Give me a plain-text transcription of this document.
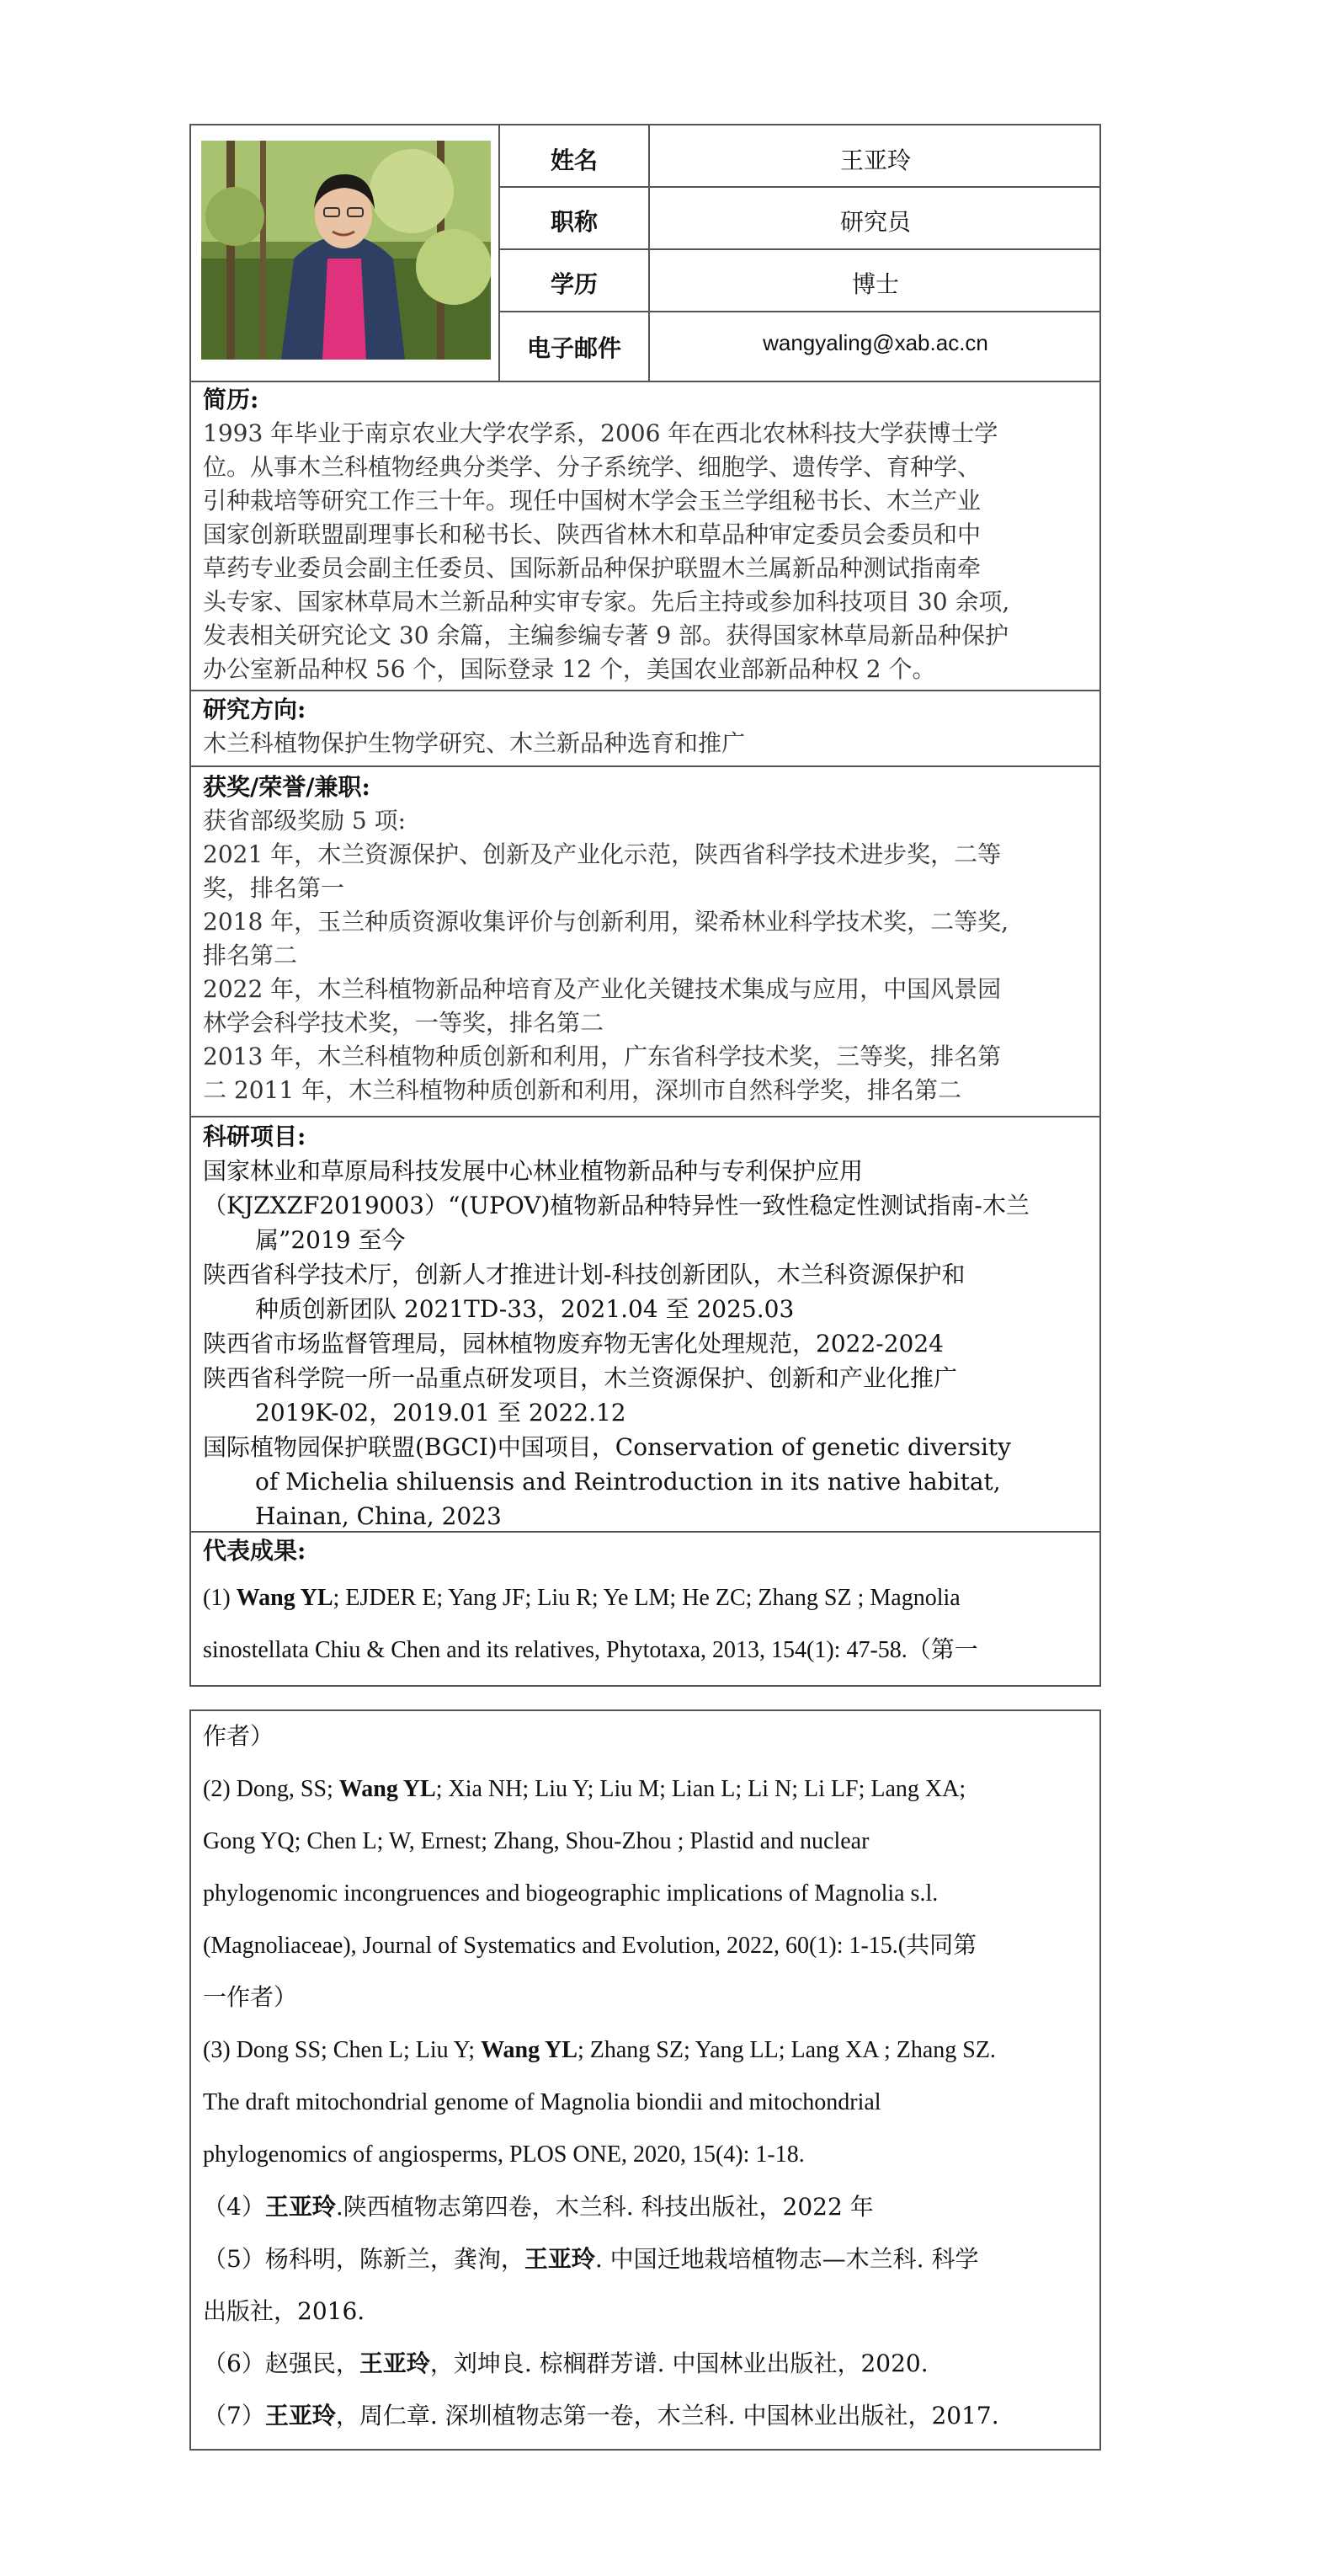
姓名	王亚玲
职称	研究员
学历	博士
电子邮件	wangyaling@xab.ac.cn
简历:
1993 年毕业于南京农业大学农学系，2006 年在西北农林科技大学获博士学
位。从事木兰科植物经典分类学、分子系统学、细胞学、遗传学、育种学、
引种栽培等研究工作三十年。现任中国树木学会玉兰学组秘书长、木兰产业
国家创新联盟副理事长和秘书长、陕西省林木和草品种审定委员会委员和中
草药专业委员会副主任委员、国际新品种保护联盟木兰属新品种测试指南牵
头专家、国家林草局木兰新品种实审专家。先后主持或参加科技项目 30 余项,
发表相关研究论文 30 余篇，主编参编专著 9 部。获得国家林草局新品种保护
办公室新品种权 56 个，国际登录 12 个，美国农业部新品种权 2 个。
研究方向:
木兰科植物保护生物学研究、木兰新品种选育和推广
获奖/荣誉/兼职:
获省部级奖励 5 项:
2021 年，木兰资源保护、创新及产业化示范，陕西省科学技术进步奖，二等
奖，排名第一
2018 年，玉兰种质资源收集评价与创新利用，梁希林业科学技术奖，二等奖,
排名第二
2022 年，木兰科植物新品种培育及产业化关键技术集成与应用，中国风景园
林学会科学技术奖，一等奖，排名第二
2013 年，木兰科植物种质创新和利用，广东省科学技术奖，三等奖，排名第
二 2011 年，木兰科植物种质创新和利用，深圳市自然科学奖，排名第二
科研项目:
国家林业和草原局科技发展中心林业植物新品种与专利保护应用
（KJZXZF2019003）“(UPOV)植物新品种特异性一致性稳定性测试指南-木兰
属”2019 至今
陕西省科学技术厅，创新人才推进计划-科技创新团队，木兰科资源保护和
种质创新团队 2021TD-33，2021.04 至 2025.03
陕西省市场监督管理局，园林植物废弃物无害化处理规范，2022-2024
陕西省科学院一所一品重点研发项目，木兰资源保护、创新和产业化推广
2019K-02，2019.01 至 2022.12
国际植物园保护联盟(BGCI)中国项目，Conservation of genetic diversity
of Michelia shiluensis and Reintroduction in its native habitat,
Hainan, China, 2023
代表成果:
(1) Wang YL; EJDER E; Yang JF; Liu R; Ye LM; He ZC; Zhang SZ ; Magnolia
sinostellata Chiu & Chen and its relatives, Phytotaxa, 2013, 154(1): 47-58.（第一
作者）
(2) Dong, SS; Wang YL; Xia NH; Liu Y; Liu M; Lian L; Li N; Li LF; Lang XA;
Gong YQ; Chen L; W, Ernest; Zhang, Shou-Zhou ; Plastid and nuclear
phylogenomic incongruences and biogeographic implications of Magnolia s.l.
(Magnoliaceae), Journal of Systematics and Evolution, 2022, 60(1): 1-15.(共同第
一作者）
(3) Dong SS; Chen L; Liu Y; Wang YL; Zhang SZ; Yang LL; Lang XA ; Zhang SZ.
The draft mitochondrial genome of Magnolia biondii and mitochondrial
phylogenomics of angiosperms, PLOS ONE, 2020, 15(4): 1-18.
（4）王亚玲.陕西植物志第四卷，木兰科. 科技出版社，2022 年
（5）杨科明，陈新兰，龚洵，王亚玲. 中国迁地栽培植物志—木兰科. 科学
出版社，2016.
（6）赵强民，王亚玲，刘坤良. 棕榈群芳谱. 中国林业出版社，2020.
（7）王亚玲，周仁章. 深圳植物志第一卷，木兰科. 中国林业出版社，2017.
